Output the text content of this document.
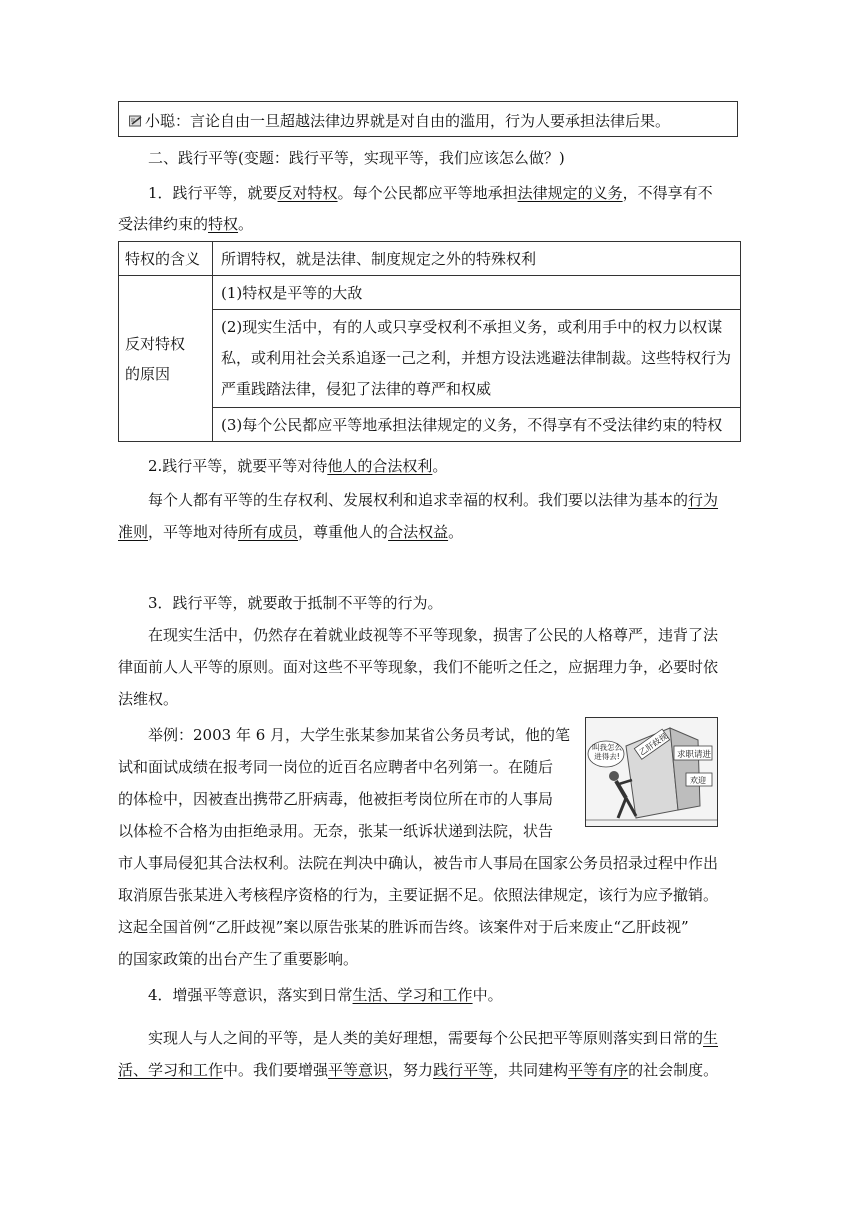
小聪：言论自由一旦超越法律边界就是对自由的滥用，行为人要承担法律后果。
二、践行平等(变题：践行平等，实现平等，我们应该怎么做？)
1．践行平等，就要反对特权。每个公民都应平等地承担法律规定的义务，不得享有不
受法律约束的特权。
特权的含义	所谓特权，就是法律、制度规定之外的特殊权利

反对特权
的原因	(1)特权是平等的大敌

	(2)现实生活中，有的人或只享受权利不承担义务，或利用手中的权力以权谋
私，或利用社会关系追逐一己之利，并想方设法逃避法律制裁。这些特权行为
严重践踏法律，侵犯了法律的尊严和权威

	(3)每个公民都应平等地承担法律规定的义务，不得享有不受法律约束的特权
2.践行平等，就要平等对待他人的合法权利。
每个人都有平等的生存权利、发展权利和追求幸福的权利。我们要以法律为基本的行为
准则，平等地对待所有成员，尊重他人的合法权益。
3．践行平等，就要敢于抵制不平等的行为。
在现实生活中，仍然存在着就业歧视等不平等现象，损害了公民的人格尊严，违背了法
律面前人人平等的原则。面对这些不平等现象，我们不能听之任之，应据理力争，必要时依
法维权。
举例：2003 年 6 月，大学生张某参加某省公务员考试，他的笔
试和面试成绩在报考同一岗位的近百名应聘者中名列第一。在随后
的体检中，因被查出携带乙肝病毒，他被拒考岗位所在市的人事局
以体检不合格为由拒绝录用。无奈，张某一纸诉状递到法院，状告
市人事局侵犯其合法权利。法院在判决中确认，被告市人事局在国家公务员招录过程中作出
取消原告张某进入考核程序资格的行为，主要证据不足。依照法律规定，该行为应予撤销。
这起全国首例“乙肝歧视”案以原告张某的胜诉而告终。该案件对于后来废止“乙肝歧视”
的国家政策的出台产生了重要影响。
求职请进
乙肝歧视
欢迎
叫我怎么进得去!
4．增强平等意识，落实到日常生活、学习和工作中。
实现人与人之间的平等，是人类的美好理想，需要每个公民把平等原则落实到日常的生
活、学习和工作中。我们要增强平等意识，努力践行平等，共同建构平等有序的社会制度。
